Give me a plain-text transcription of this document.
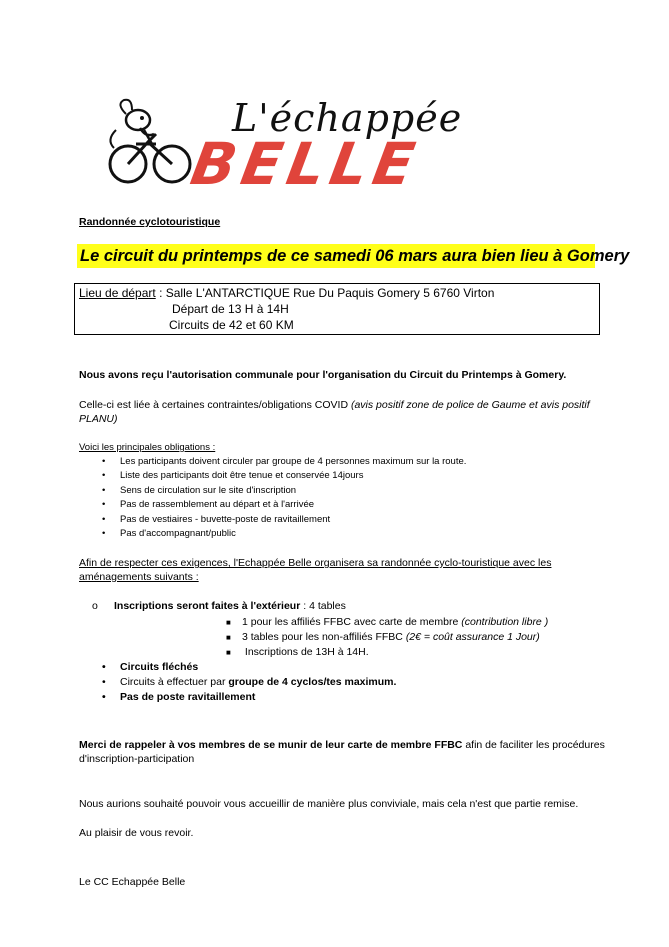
L'échappée
BELLE
Randonnée cyclotouristique
Le circuit du printemps de ce samedi 06 mars aura bien lieu à Gomery
Lieu de départ : Salle L'ANTARCTIQUE Rue Du Paquis Gomery 5 6760 Virton
Départ de 13 H à 14H
Circuits de 42 et 60 KM
Nous avons reçu l'autorisation communale pour l'organisation du Circuit du Printemps à Gomery.
Celle-ci est liée à certaines contraintes/obligations COVID (avis positif zone de police de Gaume et avis positif
PLANU)
Voici les principales obligations :
• Les participants doivent circuler par groupe de 4 personnes maximum sur la route.
• Liste des participants doit être tenue et conservée 14jours
• Sens de circulation sur le site d'inscription
• Pas de rassemblement au départ et à l'arrivée
• Pas de vestiaires - buvette-poste de ravitaillement
• Pas d'accompagnant/public
Afin de respecter ces exigences, l'Echappée Belle organisera sa randonnée cyclo-touristique avec les
aménagements suivants :
o Inscriptions seront faites à l'extérieur : 4 tables
■ 1 pour les affiliés FFBC avec carte de membre (contribution libre )
■ 3 tables pour les non-affiliés FFBC (2€ = coût assurance 1 Jour)
■ Inscriptions de 13H à 14H.
• Circuits fléchés
• Circuits à effectuer par groupe de 4 cyclos/tes maximum.
• Pas de poste ravitaillement
Merci de rappeler à vos membres de se munir de leur carte de membre FFBC afin de faciliter les procédures
d'inscription-participation
Nous aurions souhaité pouvoir vous accueillir de manière plus conviviale, mais cela n'est que partie remise.
Au plaisir de vous revoir.
Le CC Echappée Belle
